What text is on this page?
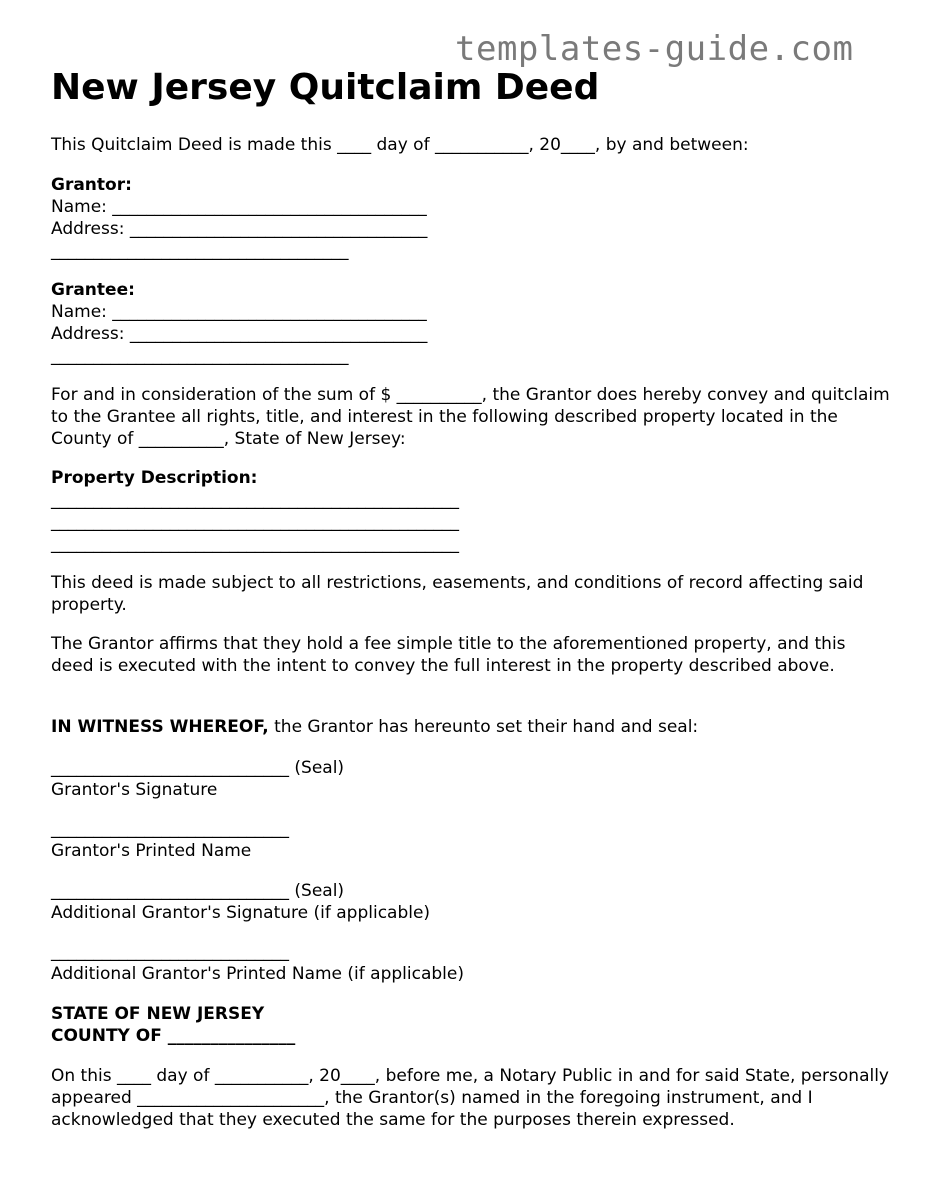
templates-guide.com
New Jersey Quitclaim Deed

This Quitclaim Deed is made this ____ day of ___________, 20____, by and between:

Grantor:
Name: _____________________________________
Address: ___________________________________
___________________________________
Grantee:
Name: _____________________________________
Address: ___________________________________
___________________________________

For and in consideration of the sum of $ __________, the Grantor does hereby convey and quitclaim to the Grantee all rights, title, and interest in the following described property located in the County of __________, State of New Jersey:

Property Description:
________________________________________________
________________________________________________
________________________________________________

This deed is made subject to all restrictions, easements, and conditions of record affecting said property.

The Grantor affirms that they hold a fee simple title to the aforementioned property, and this deed is executed with the intent to convey the full interest in the property described above.

IN WITNESS WHEREOF, the Grantor has hereunto set their hand and seal:

____________________________ (Seal)
Grantor's Signature
____________________________
Grantor's Printed Name
____________________________ (Seal)
Additional Grantor's Signature (if applicable)
____________________________
Additional Grantor's Printed Name (if applicable)
STATE OF NEW JERSEY
COUNTY OF _______________

On this ____ day of ___________, 20____, before me, a Notary Public in and for said State, personally appeared ______________________, the Grantor(s) named in the foregoing instrument, and I acknowledged that they executed the same for the purposes therein expressed.
